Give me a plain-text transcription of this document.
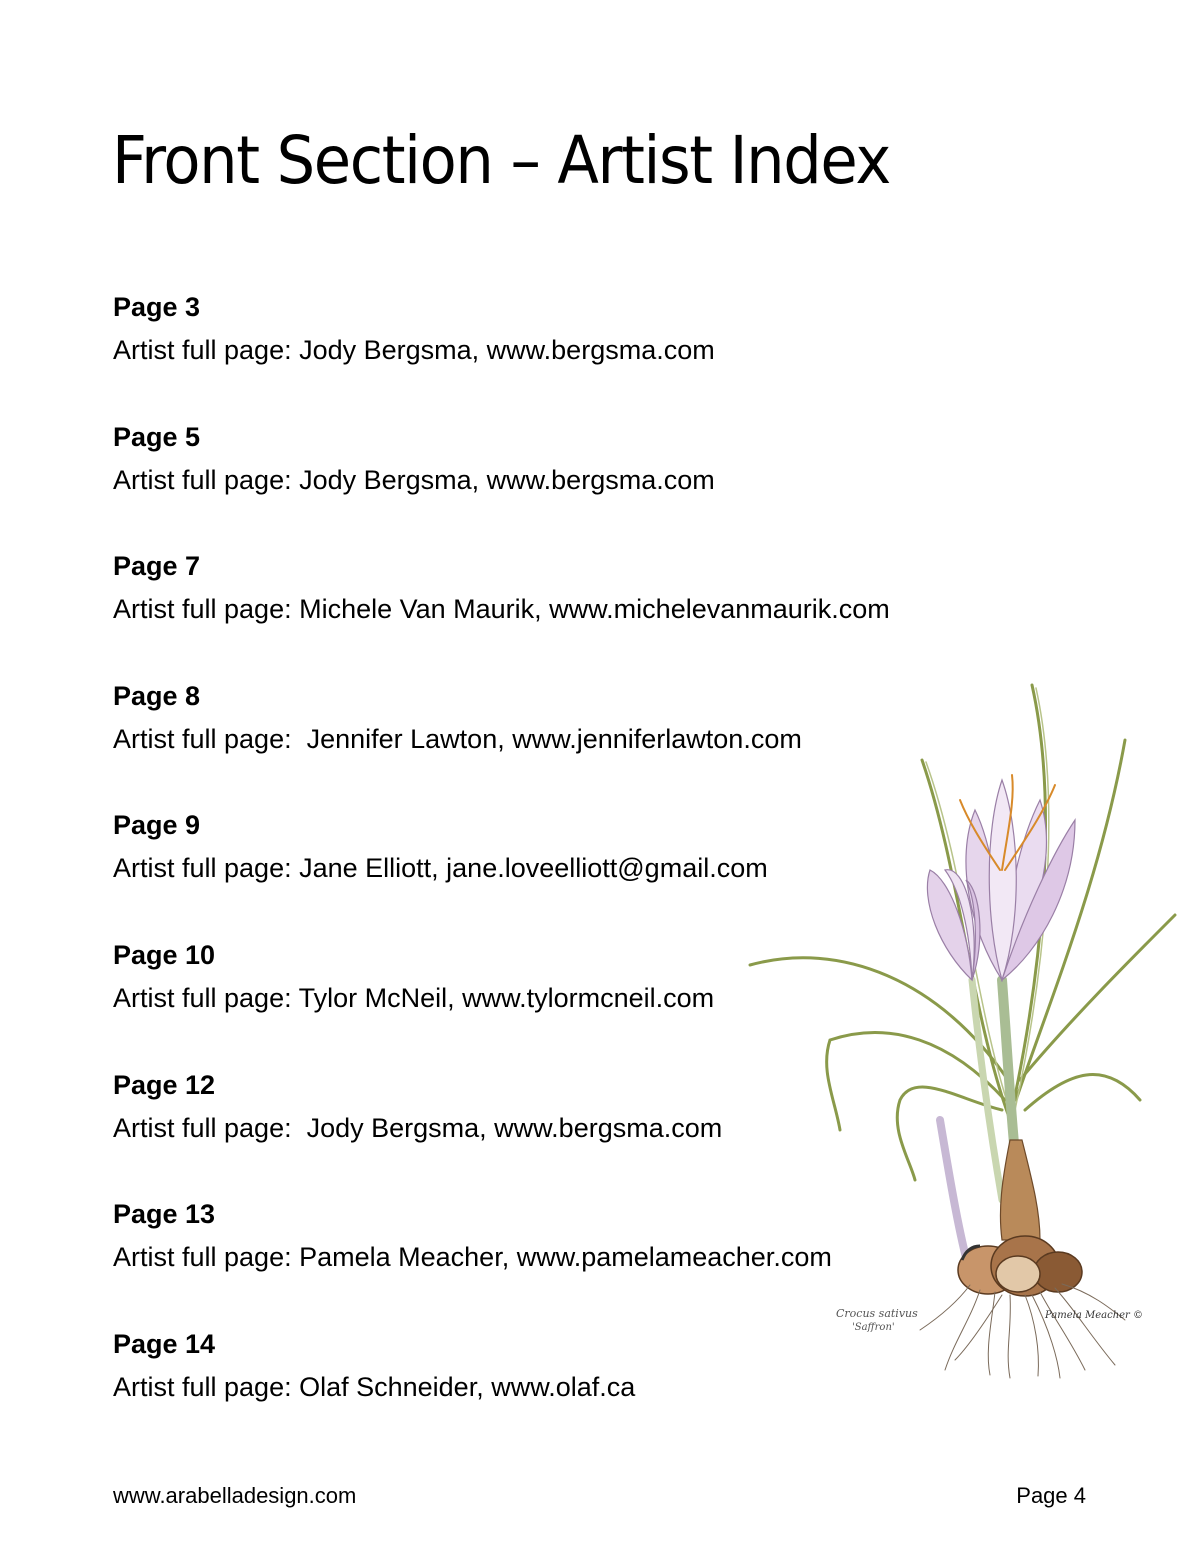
Front Section – Artist Index
Page 3
Artist full page: Jody Bergsma, www.bergsma.com
Page 5
Artist full page: Jody Bergsma, www.bergsma.com
Page 7
Artist full page: Michele Van Maurik, www.michelevanmaurik.com
Page 8
Artist full page:  Jennifer Lawton, www.jenniferlawton.com
Page 9
Artist full page: Jane Elliott, jane.loveelliott@gmail.com
Page 10
Artist full page: Tylor McNeil, www.tylormcneil.com
Page 12
Artist full page:  Jody Bergsma, www.bergsma.com
Page 13
Artist full page: Pamela Meacher, www.pamelameacher.com
Page 14
Artist full page: Olaf Schneider, www.olaf.ca
Crocus sativus
'Saffron'
Pamela Meacher ©
www.arabelladesign.com	Page 4
